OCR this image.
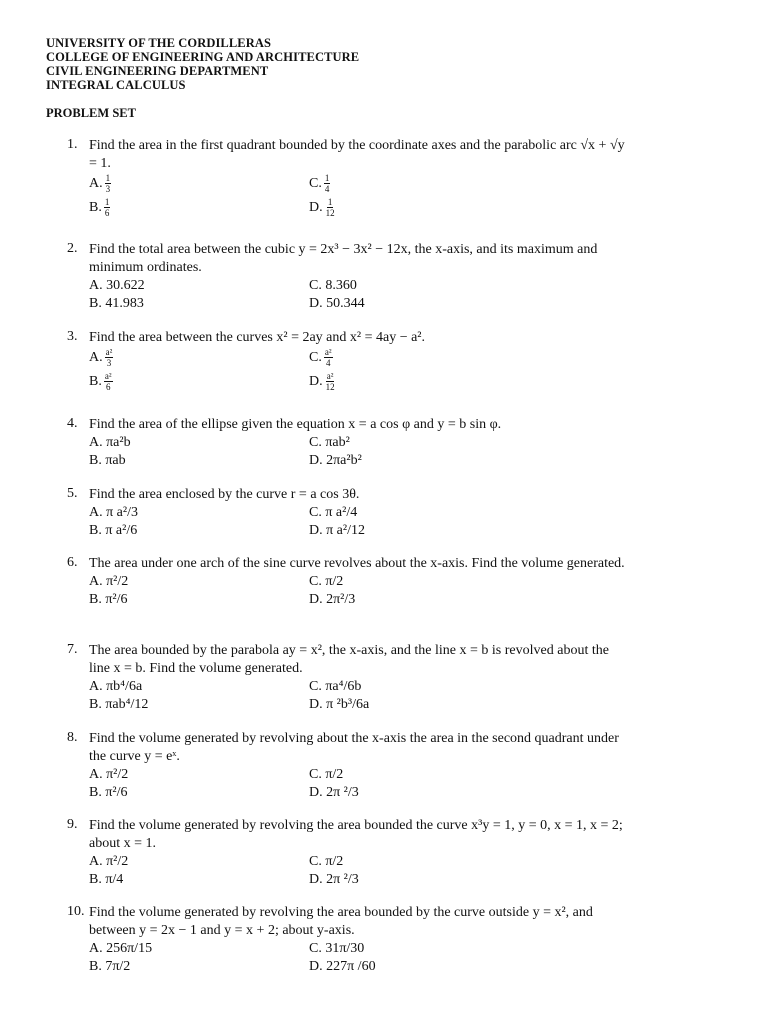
UNIVERSITY OF THE CORDILLERAS
COLLEGE OF ENGINEERING AND ARCHITECTURE
CIVIL ENGINEERING DEPARTMENT
INTEGRAL CALCULUS
PROBLEM SET
1. Find the area in the first quadrant bounded by the coordinate axes and the parabolic arc √x + √y = 1.
A. $\frac{1}{3}$	C. $\frac{1}{4}$
B. $\frac{1}{6}$	D. $\frac{1}{12}$
2. Find the total area between the cubic y = 2x³ − 3x² − 12x, the x-axis, and its maximum and minimum ordinates.
A. 30.622	C. 8.360
B. 41.983	D. 50.344
3. Find the area between the curves x² = 2ay and x² = 4ay − a².
A. $\frac{\text{a²}}{3}$	C. $\frac{\text{a²}}{4}$
B. $\frac{\text{a²}}{6}$	D. $\frac{\text{a²}}{12}$
4. Find the area of the ellipse given the equation x = a cos φ and y = b sin φ.
A. πa²b	C. πab²
B. πab	D. 2πa²b²
5. Find the area enclosed by the curve r = a cos 3θ.
A. π a²/3	C. π a²/4
B. π a²/6	D. π a²/12
6. The area under one arch of the sine curve revolves about the x-axis. Find the volume generated.
A. π²/2	C. π/2
B. π²/6	D. 2π²/3
7. The area bounded by the parabola ay = x², the x-axis, and the line x = b is revolved about the line x = b. Find the volume generated.
A. πb⁴/6a	C. πa⁴/6b
B. πab⁴/12	D. π ²b³/6a
8. Find the volume generated by revolving about the x-axis the area in the second quadrant under the curve y = eˣ.
A. π²/2	C. π/2
B. π²/6	D. 2π ²/3
9. Find the volume generated by revolving the area bounded the curve x³y = 1, y = 0, x = 1, x = 2; about x = 1.
A. π²/2	C. π/2
B. π/4	D. 2π ²/3
10. Find the volume generated by revolving the area bounded by the curve outside y = x², and between y = 2x − 1 and y = x + 2; about y-axis.
A. 256π/15	C. 31π/30
B. 7π/2	D. 227π /60
